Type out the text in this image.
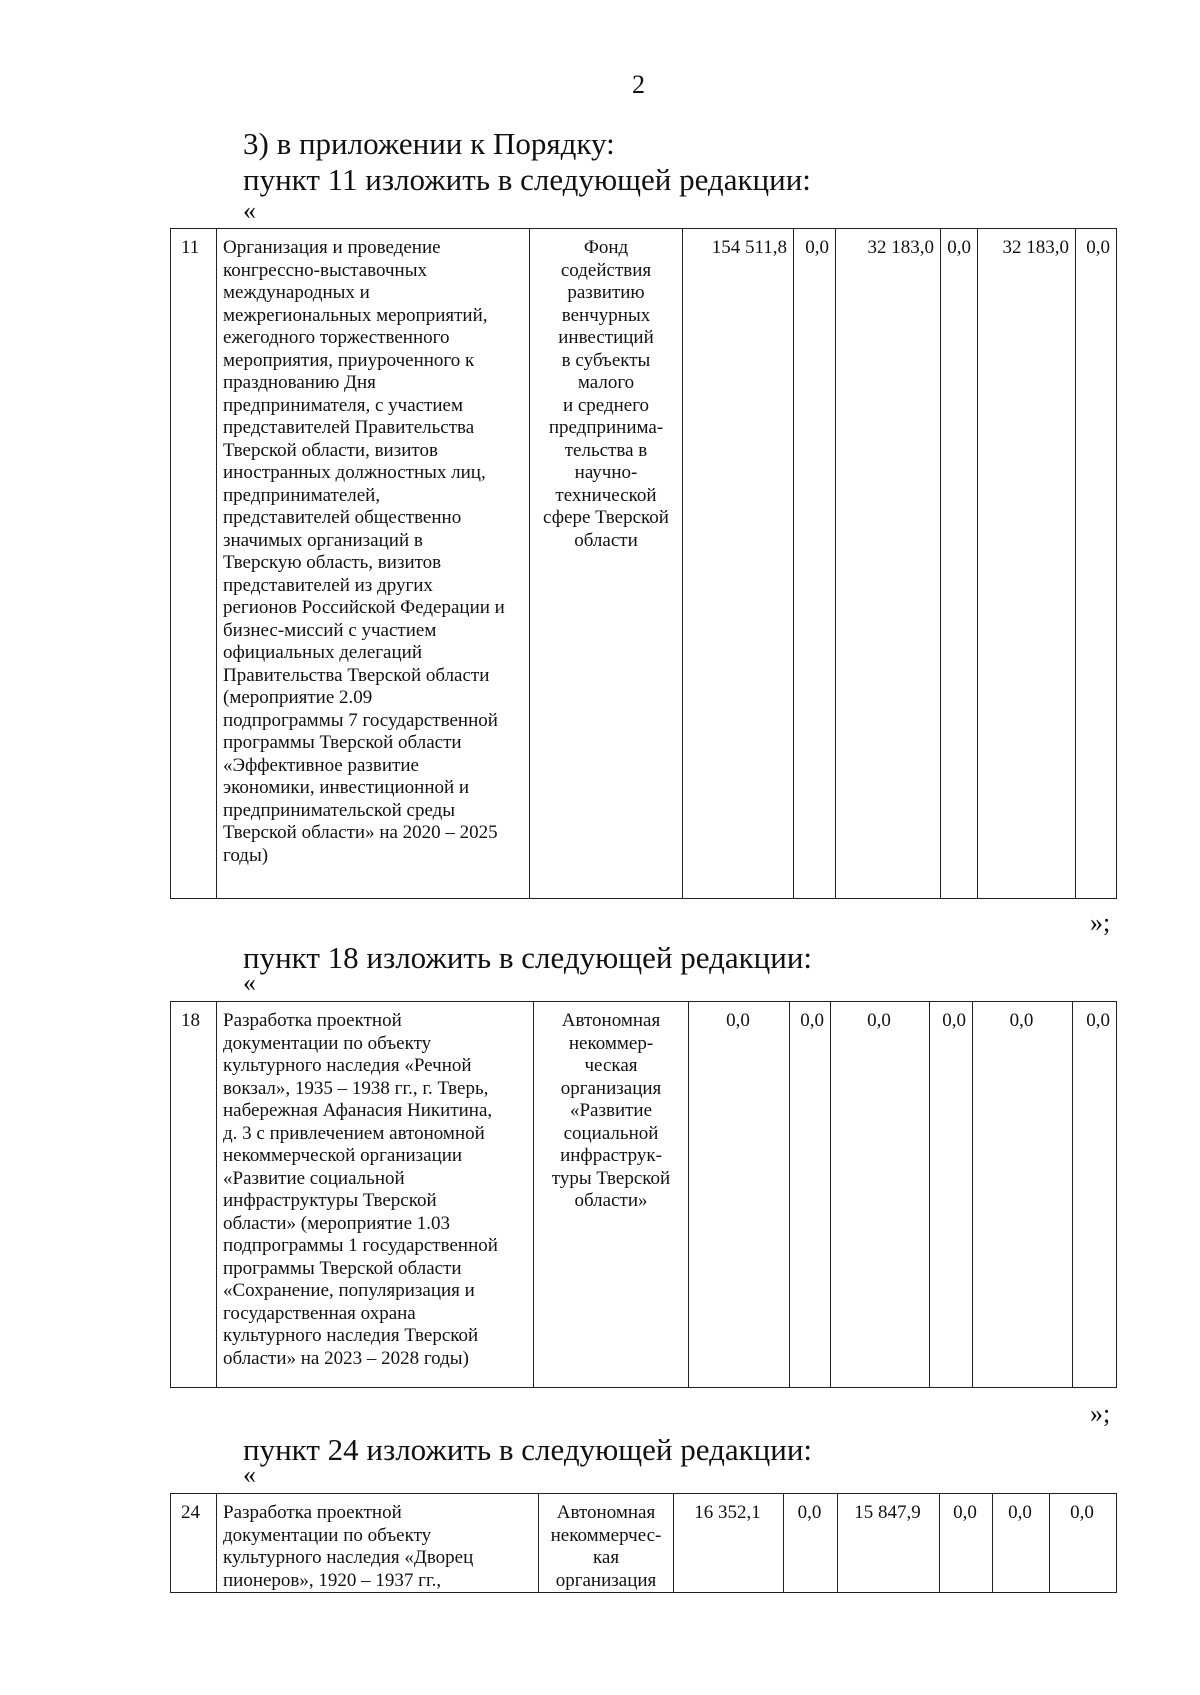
2
3) в приложении к Порядку:
пункт 11 изложить в следующей редакции:
«
11	Организация и проведение
конгрессно-выставочных
международных и
межрегиональных мероприятий,
ежегодного торжественного
мероприятия, приуроченного к
празднованию Дня
предпринимателя, с участием
представителей Правительства
Тверской области, визитов
иностранных должностных лиц,
предпринимателей,
представителей общественно
значимых организаций в
Тверскую область, визитов
представителей из других
регионов Российской Федерации и
бизнес-миссий с участием
официальных делегаций
Правительства Тверской области
(мероприятие 2.09
подпрограммы 7 государственной
программы Тверской области
«Эффективное развитие
экономики, инвестиционной и
предпринимательской среды
Тверской области» на 2020 – 2025
годы)	Фонд
содействия
развитию
венчурных
инвестиций
в субъекты
малого
и среднего
предпринима-
тельства в
научно-
технической
сфере Тверской
области	154 511,8	0,0	32 183,0	0,0	32 183,0	0,0
»;
пункт 18 изложить в следующей редакции:
«
18	Разработка проектной
документации по объекту
культурного наследия «Речной
вокзал», 1935 – 1938 гг., г. Тверь,
набережная Афанасия Никитина,
д. 3 с привлечением автономной
некоммерческой организации
«Развитие социальной
инфраструктуры Тверской
области» (мероприятие 1.03
подпрограммы 1 государственной
программы Тверской области
«Сохранение, популяризация и
государственная охрана
культурного наследия Тверской
области» на 2023 – 2028 годы)	Автономная
некоммер-
ческая
организация
«Развитие
социальной
инфраструк-
туры Тверской
области»	0,0	0,0	0,0	0,0	0,0	0,0
»;
пункт 24 изложить в следующей редакции:
«
24	Разработка проектной
документации по объекту
культурного наследия «Дворец
пионеров», 1920 – 1937 гг.,	Автономная
некоммерчес-
кая
организация	16 352,1	0,0	15 847,9	0,0	0,0	0,0
